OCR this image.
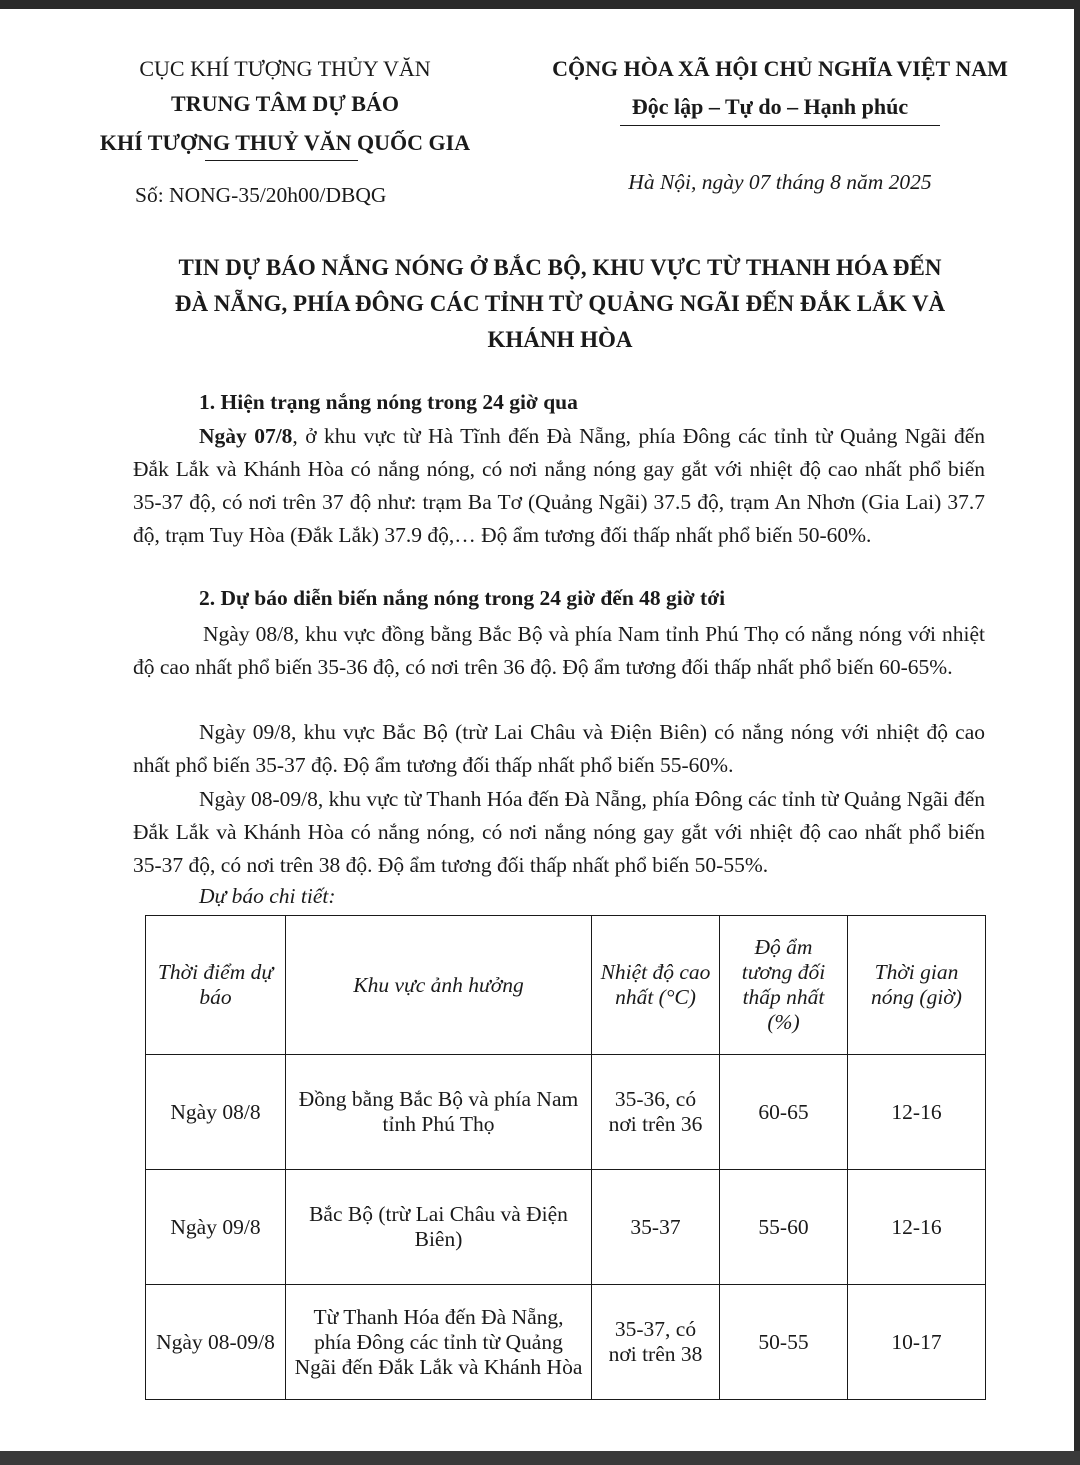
CỤC KHÍ TƯỢNG THỦY VĂN
TRUNG TÂM DỰ BÁO
KHÍ TƯỢNG THUỶ VĂN QUỐC GIA
Số: NONG-35/20h00/DBQG
CỘNG HÒA XÃ HỘI CHỦ NGHĨA VIỆT NAM
Độc lập – Tự do – Hạnh phúc
Hà Nội, ngày 07 tháng 8 năm 2025
TIN DỰ BÁO NẮNG NÓNG Ở BẮC BỘ, KHU VỰC TỪ THANH HÓA ĐẾN
ĐÀ NẴNG, PHÍA ĐÔNG CÁC TỈNH TỪ QUẢNG NGÃI ĐẾN ĐẮK LẮK VÀ
KHÁNH HÒA
1. Hiện trạng nắng nóng trong 24 giờ qua
Ngày 07/8, ở khu vực từ Hà Tĩnh đến Đà Nẵng, phía Đông các tỉnh từ Quảng Ngãi đến Đắk Lắk và Khánh Hòa có nắng nóng, có nơi nắng nóng gay gắt với nhiệt độ cao nhất phổ biến 35-37 độ, có nơi trên 37 độ như: trạm Ba Tơ (Quảng Ngãi) 37.5 độ, trạm An Nhơn (Gia Lai) 37.7 độ, trạm Tuy Hòa (Đắk Lắk) 37.9 độ,… Độ ẩm tương đối thấp nhất phổ biến 50-60%.
2. Dự báo diễn biến nắng nóng trong 24 giờ đến 48 giờ tới
Ngày 08/8, khu vực đồng bằng Bắc Bộ và phía Nam tỉnh Phú Thọ có nắng nóng với nhiệt độ cao nhất phổ biến 35-36 độ, có nơi trên 36 độ. Độ ẩm tương đối thấp nhất phổ biến 60-65%.
Ngày 09/8, khu vực Bắc Bộ (trừ Lai Châu và Điện Biên) có nắng nóng với nhiệt độ cao nhất phổ biến 35-37 độ. Độ ẩm tương đối thấp nhất phổ biến 55-60%.
Ngày 08-09/8, khu vực từ Thanh Hóa đến Đà Nẵng, phía Đông các tỉnh từ Quảng Ngãi đến Đắk Lắk và Khánh Hòa có nắng nóng, có nơi nắng nóng gay gắt với nhiệt độ cao nhất phổ biến 35-37 độ, có nơi trên 38 độ. Độ ẩm tương đối thấp nhất phổ biến 50-55%.
Dự báo chi tiết:
Thời điểm dự báo	Khu vực ảnh hưởng	Nhiệt độ cao nhất (°C)	Độ ẩm tương đối thấp nhất (%)	Thời gian nóng (giờ)
Ngày 08/8	Đồng bằng Bắc Bộ và phía Nam tỉnh Phú Thọ	35-36, có nơi trên 36	60-65	12-16
Ngày 09/8	Bắc Bộ (trừ Lai Châu và Điện Biên)	35-37	55-60	12-16
Ngày 08-09/8	Từ Thanh Hóa đến Đà Nẵng, phía Đông các tỉnh từ Quảng Ngãi đến Đắk Lắk và Khánh Hòa	35-37, có nơi trên 38	50-55	10-17
